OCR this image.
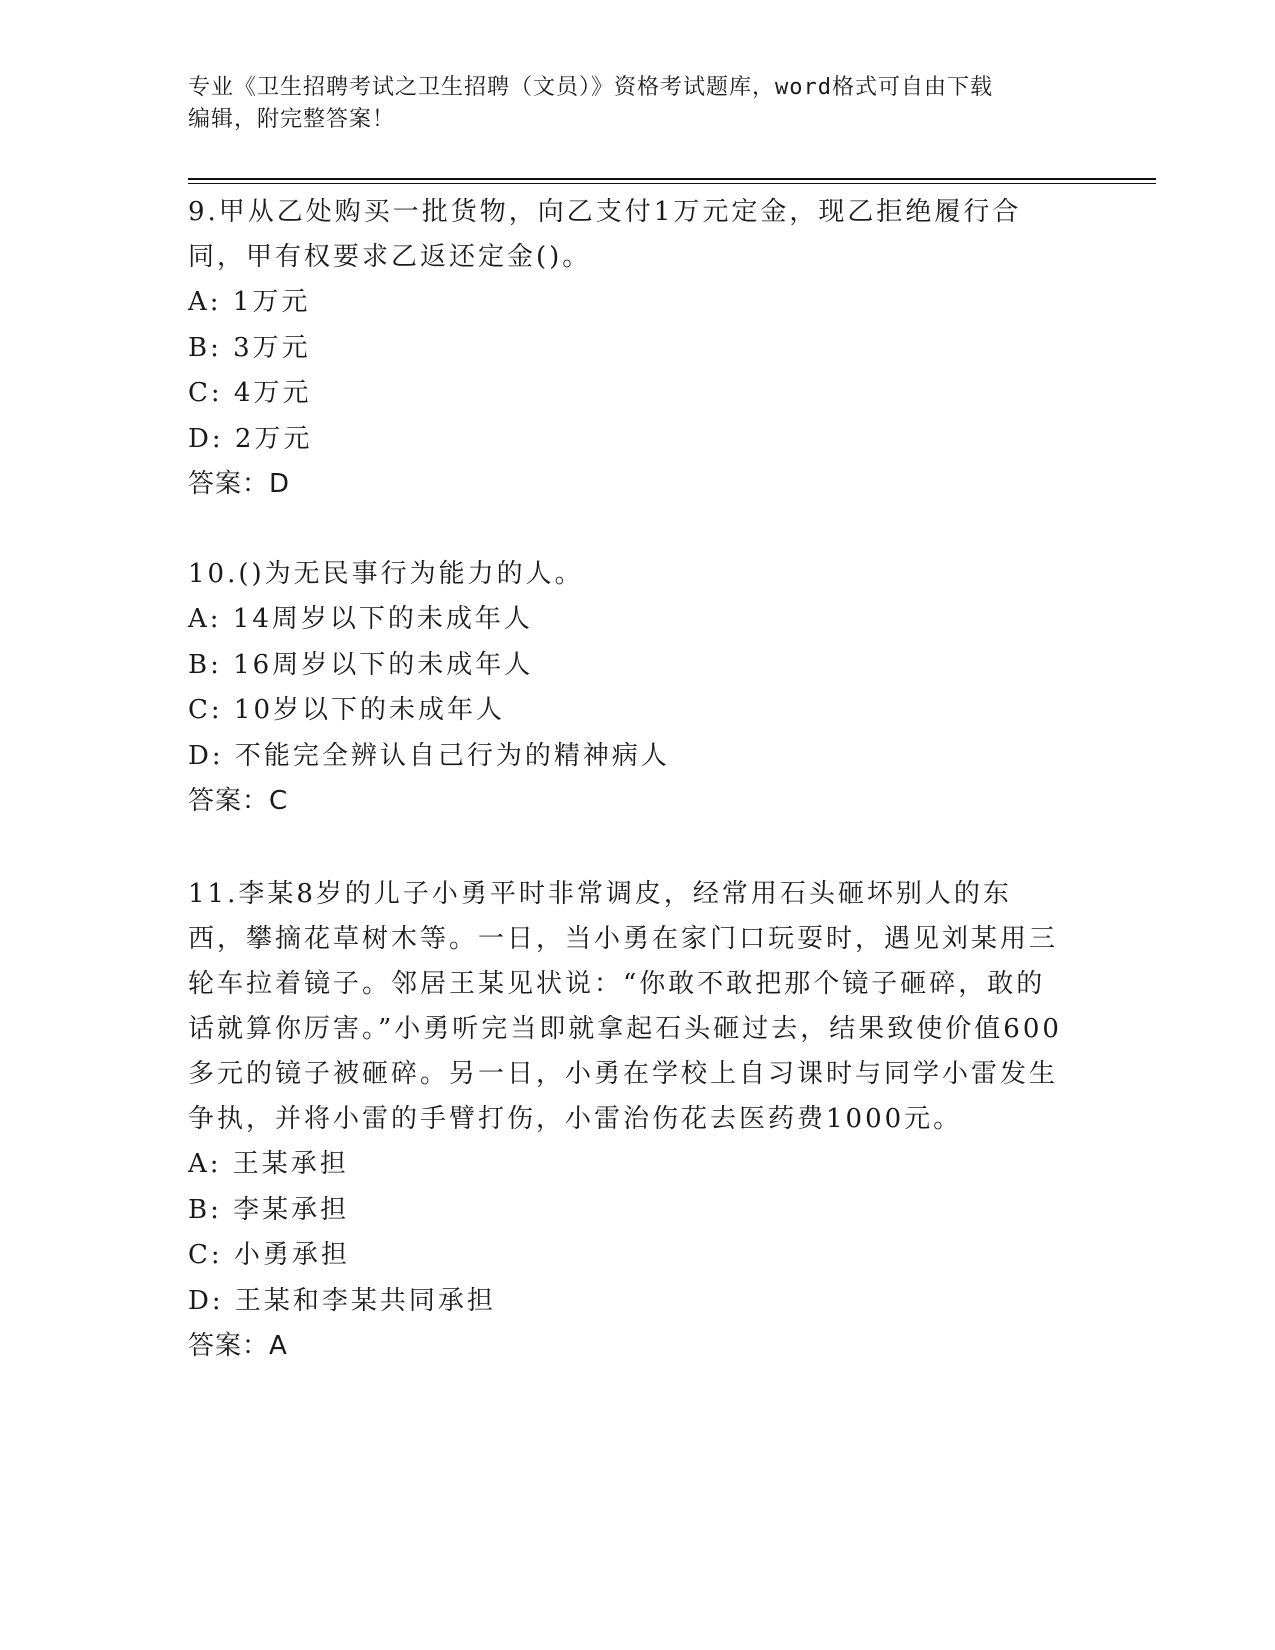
专业《卫生招聘考试之卫生招聘（文员）》资格考试题库，word格式可自由下载
编辑，附完整答案！

9.甲从乙处购买一批货物，向乙支付1万元定金，现乙拒绝履行合同，甲有权要求乙返还定金()。

A: 1万元

B: 3万元

C: 4万元

D: 2万元

答案：D

10.()为无民事行为能力的人。

A: 14周岁以下的未成年人

B: 16周岁以下的未成年人

C: 10岁以下的未成年人

D: 不能完全辨认自己行为的精神病人

答案：C

11.李某8岁的儿子小勇平时非常调皮，经常用石头砸坏别人的东西，攀摘花草树木等。一日，当小勇在家门口玩耍时，遇见刘某用三轮车拉着镜子。邻居王某见状说：“你敢不敢把那个镜子砸碎，敢的话就算你厉害。”小勇听完当即就拿起石头砸过去，结果致使价值600多元的镜子被砸碎。另一日，小勇在学校上自习课时与同学小雷发生争执，并将小雷的手臂打伤，小雷治伤花去医药费1000元。

A: 王某承担

B: 李某承担

C: 小勇承担

D: 王某和李某共同承担

答案：A
